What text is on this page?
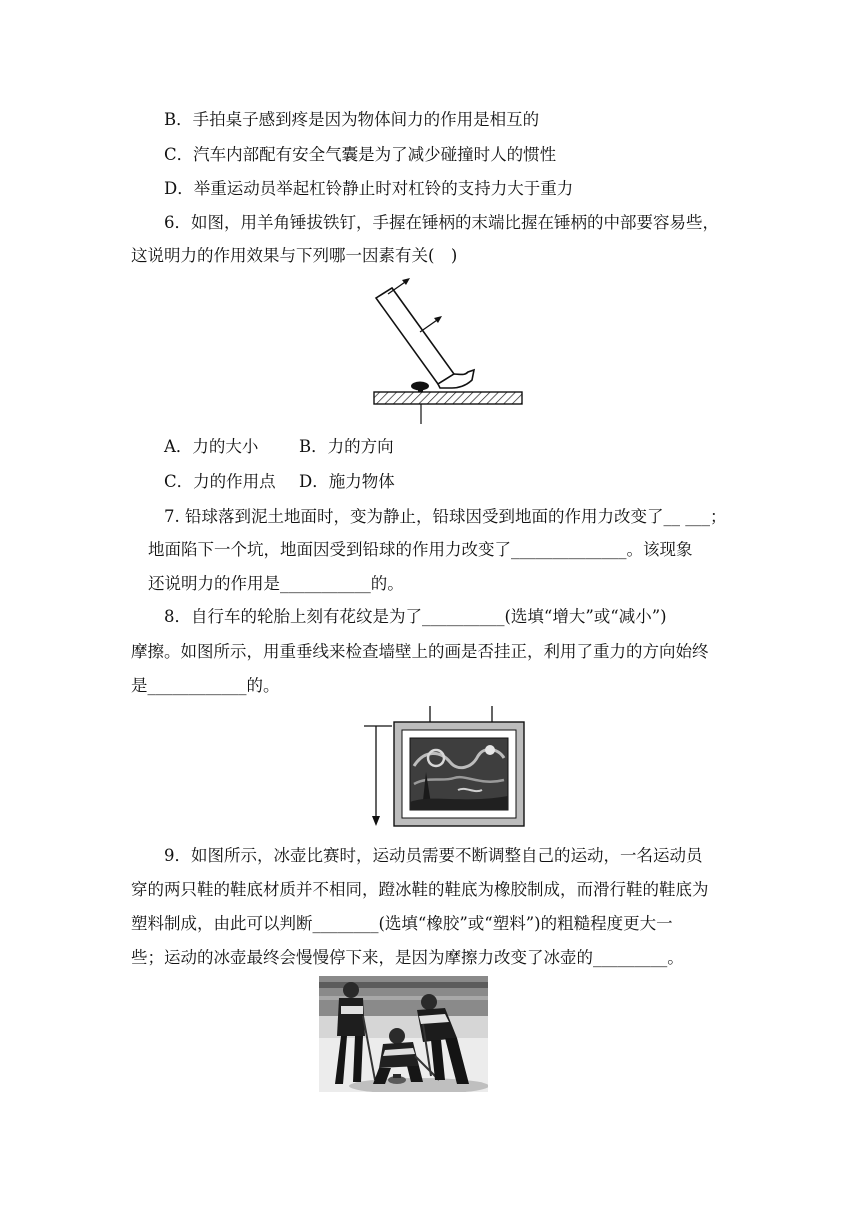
B．手拍桌子感到疼是因为物体间力的作用是相互的
C．汽车内部配有安全气囊是为了减少碰撞时人的惯性
D．举重运动员举起杠铃静止时对杠铃的支持力大于重力
6．如图，用羊角锤拔铁钉，手握在锤柄的末端比握在锤柄的中部要容易些，
这说明力的作用效果与下列哪一因素有关(　)
A．力的大小 B．力的方向
C．力的作用点 D．施力物体
7. 铅球落到泥土地面时，变为静止，铅球因受到地面的作用力改变了__ ___；
地面陷下一个坑，地面因受到铅球的作用力改变了______________。该现象
还说明力的作用是___________的。
8．自行车的轮胎上刻有花纹是为了__________(选填“增大”或“减小”)
摩擦。如图所示，用重垂线来检查墙壁上的画是否挂正，利用了重力的方向始终
是____________的。
9．如图所示，冰壶比赛时，运动员需要不断调整自己的运动，一名运动员
穿的两只鞋的鞋底材质并不相同，蹬冰鞋的鞋底为橡胶制成，而滑行鞋的鞋底为
塑料制成，由此可以判断________(选填“橡胶”或“塑料”)的粗糙程度更大一
些；运动的冰壶最终会慢慢停下来，是因为摩擦力改变了冰壶的_________。
